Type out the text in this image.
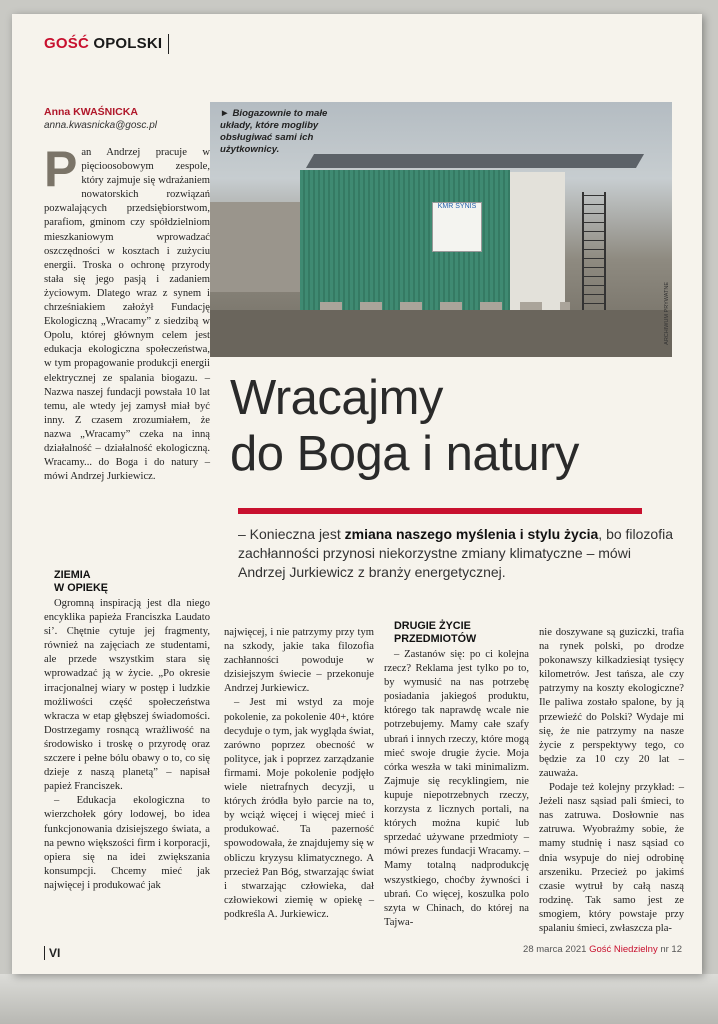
GOŚĆ OPOLSKI
Anna KWAŚNICKA
anna.kwasnicka@gosc.pl
P an Andrzej pracuje w pięcioosobowym zespole, który zajmuje się wdrażaniem nowatorskich rozwiązań pozwalających przedsiębiorstwom, parafiom, gminom czy spółdzielniom mieszkaniowym wprowadzać oszczędności w kosztach i zużyciu energii. Troska o ochronę przyrody stała się jego pasją i zadaniem życiowym. Dlatego wraz z synem i chrześniakiem założył Fundację Ekologiczną „Wracamy” z siedzibą w Opolu, której głównym celem jest edukacja ekologiczna społeczeństwa, w tym propagowanie produkcji energii elektrycznej ze spalania biogazu. – Nazwa naszej fundacji powstała 10 lat temu, ale wtedy jej zamysł miał być inny. Z czasem zrozumiałem, że nazwa „Wracamy” czeka na inną działalność – działalność ekologiczną. Wracamy... do Boga i do natury – mówi Andrzej Jurkiewicz.

KMR SYNIS
► Biogazownie to małe układy, które mogliby obsługiwać sami ich użytkownicy.
ARCHIWUM PRYWATNE
Wracajmy
do Boga i natury
– Konieczna jest zmiana naszego myślenia i stylu życia, bo filozofia zachłanności przynosi niekorzystne zmiany klimatyczne – mówi Andrzej Jurkiewicz z branży energetycznej.
ZIEMIA
W OPIEKĘ

Ogromną inspiracją jest dla niego encyklika papieża Franciszka Laudato si’. Chętnie cytuje jej fragmenty, również na zajęciach ze studentami, ale przede wszystkim stara się wprowadzać ją w życie. „Po okresie irracjonalnej wiary w postęp i ludzkie możliwości część społeczeństwa wkracza w etap głębszej świadomości. Dostrzegamy rosnącą wrażliwość na środowisko i troskę o przyrodę oraz szczere i pełne bólu obawy o to, co się dzieje z naszą planetą” – napisał papież Franciszek.

– Edukacja ekologiczna to wierzchołek góry lodowej, bo idea funkcjonowania dzisiejszego świata, a na pewno większości firm i korporacji, opiera się na idei zwiększania konsumpcji. Chcemy mieć jak najwięcej i produkować jak

najwięcej, i nie patrzymy przy tym na szkody, jakie taka filozofia zachłanności powoduje w dzisiejszym świecie – przekonuje Andrzej Jurkiewicz.

– Jest mi wstyd za moje pokolenie, za pokolenie 40+, które decyduje o tym, jak wygląda świat, zarówno poprzez obecność w polityce, jak i poprzez zarządzanie firmami. Moje pokolenie podjęło wiele nietrafnych decyzji, u których źródła było parcie na to, by wciąż więcej i więcej mieć i produkować. Ta pazerność spowodowała, że znajdujemy się w obliczu kryzysu klimatycznego. A przecież Pan Bóg, stwarzając świat i stwarzając człowieka, dał człowiekowi ziemię w opiekę – podkreśla A. Jurkiewicz.

DRUGIE ŻYCIE
PRZEDMIOTÓW

– Zastanów się: po ci kolejna rzecz? Reklama jest tylko po to, by wymusić na nas potrzebę posiadania jakiegoś produktu, którego tak naprawdę wcale nie potrzebujemy. Mamy całe szafy ubrań i innych rzeczy, które mogą mieć swoje drugie życie. Moja córka weszła w taki minimalizm. Zajmuje się recyklingiem, nie kupuje niepotrzebnych rzeczy, korzysta z licznych portali, na których można kupić lub sprzedać używane przedmioty – mówi prezes fundacji Wracamy. – Mamy totalną nadprodukcję wszystkiego, choćby żywności i ubrań. Co więcej, koszulka polo szyta w Chinach, do której na Tajwa-

nie doszywane są guziczki, trafia na rynek polski, po drodze pokonawszy kilkadziesiąt tysięcy kilometrów. Jest tańsza, ale czy patrzymy na koszty ekologiczne? Ile paliwa zostało spalone, by ją przewieźć do Polski? Wydaje mi się, że nie patrzymy na nasze życie z perspektywy tego, co będzie za 10 czy 20 lat – zauważa.

Podaje też kolejny przykład: – Jeżeli nasz sąsiad pali śmieci, to nas zatruwa. Dosłownie nas zatruwa. Wyobraźmy sobie, że mamy studnię i nasz sąsiad co dnia wsypuje do niej odrobinę arszeniku. Przecież po jakimś czasie wytruł by całą naszą rodzinę. Tak samo jest ze smogiem, który powstaje przy spalaniu śmieci, zwłaszcza pla-

VI	28 marca 2021 Gość Niedzielny nr 12
